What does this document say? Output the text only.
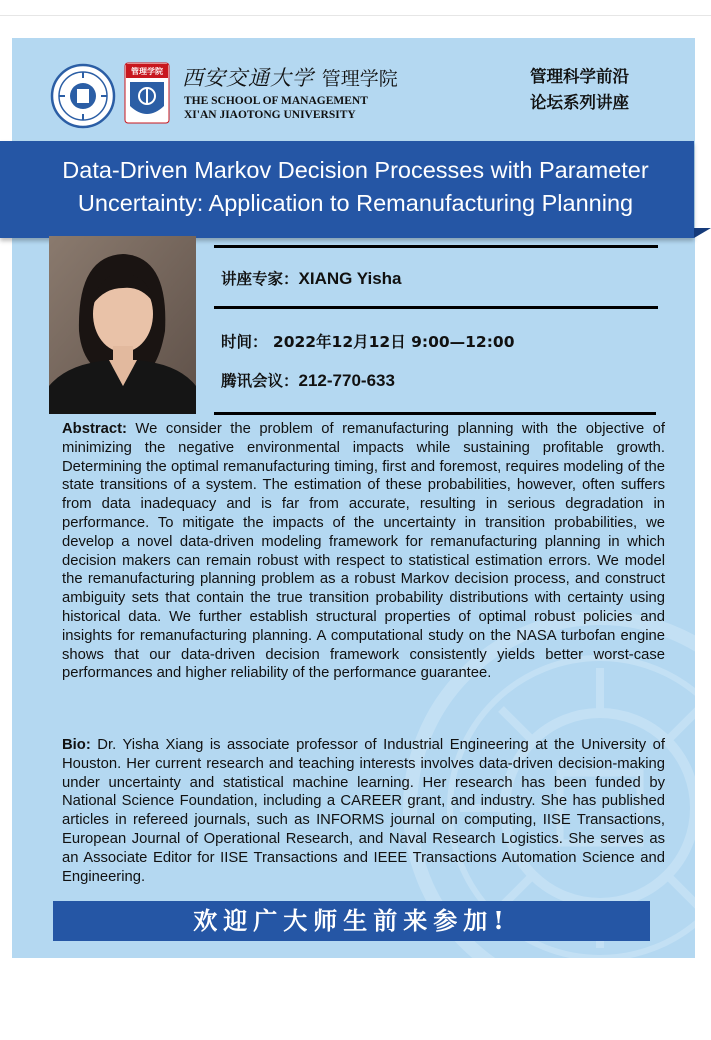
管理学院 西安交通大学 管理学院
THE SCHOOL OF MANAGEMENT
XI'AN JIAOTONG UNIVERSITY
管理科学前沿
论坛系列讲座
Data-Driven Markov Decision Processes with Parameter
Uncertainty: Application to Remanufacturing Planning
讲座专家：XIANG Yisha
时间： 2022年12月12日 9:00—12:00
腾讯会议：212-770-633

Abstract: We consider the problem of remanufacturing planning with the objective of minimizing the negative environmental impacts while sustaining profitable growth. Determining the optimal remanufacturing timing, first and foremost, requires modeling of the state transitions of a system. The estimation of these probabilities, however, often suffers from data inadequacy and is far from accurate, resulting in serious degradation in performance. To mitigate the impacts of the uncertainty in transition probabilities, we develop a novel data-driven modeling framework for remanufacturing planning in which decision makers can remain robust with respect to statistical estimation errors. We model the remanufacturing planning problem as a robust Markov decision process, and construct ambiguity sets that contain the true transition probability distributions with certainty using historical data. We further establish structural properties of optimal robust policies and insights for remanufacturing planning. A computational study on the NASA turbofan engine shows that our data-driven decision framework consistently yields better worst-case performances and higher reliability of the performance guarantee.

Bio: Dr. Yisha Xiang is associate professor of Industrial Engineering at the University of Houston. Her current research and teaching interests involves data-driven decision-making under uncertainty and statistical machine learning. Her research has been funded by National Science Foundation, including a CAREER grant, and industry. She has published articles in refereed journals, such as INFORMS journal on computing, IISE Transactions, European Journal of Operational Research, and Naval Research Logistics. She serves as an Associate Editor for IISE Transactions and IEEE Transactions Automation Science and Engineering.

欢迎广大师生前来参加!
